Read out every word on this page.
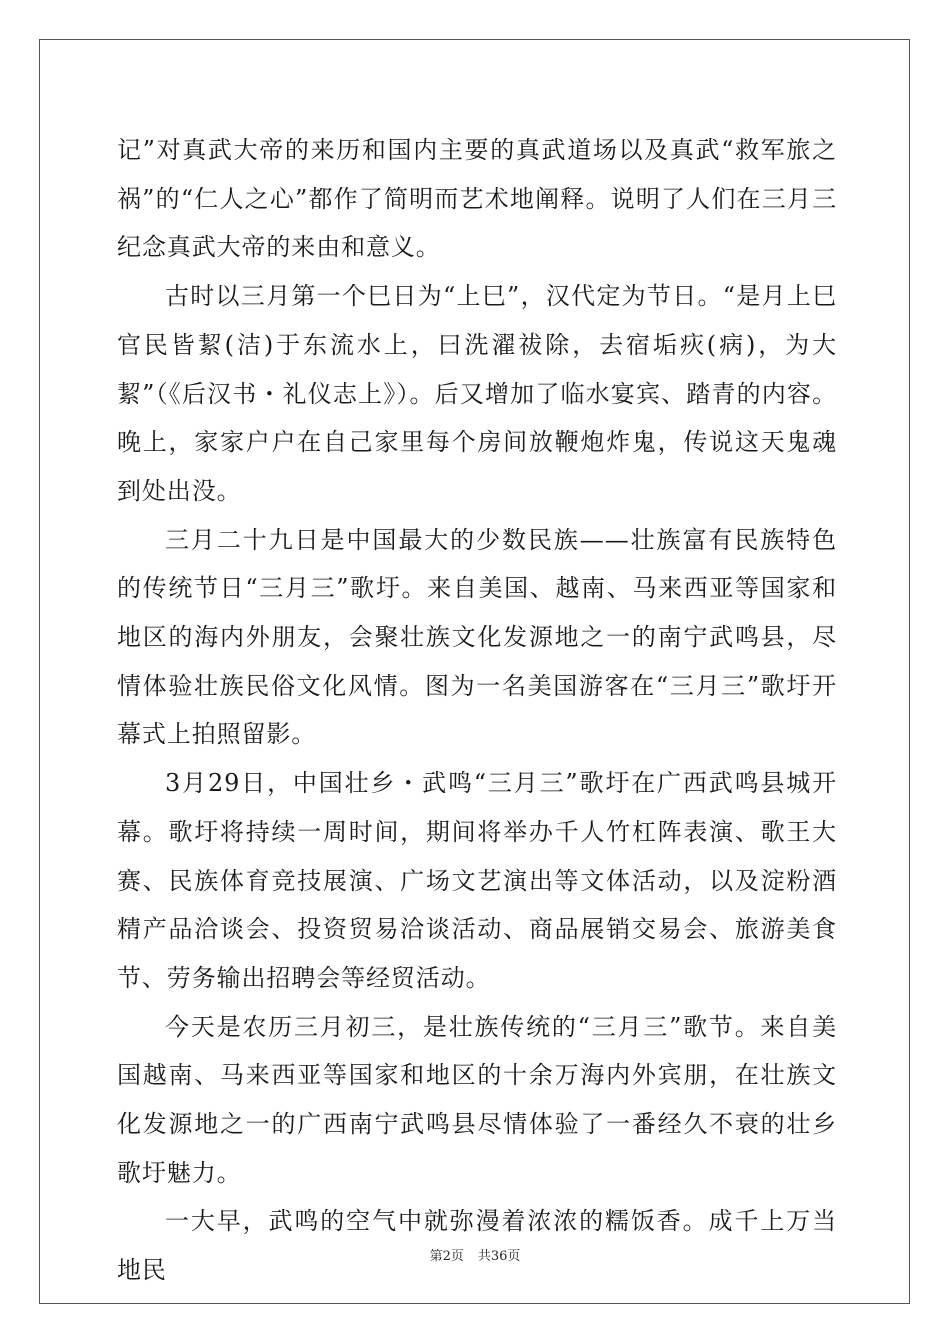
记”对真武大帝的来历和国内主要的真武道场以及真武“救军旅之祸”的“仁人之心”都作了简明而艺术地阐释。说明了人们在三月三纪念真武大帝的来由和意义。

古时以三月第一个巳日为“上巳”，汉代定为节日。“是月上巳官民皆絜(洁)于东流水上，曰洗濯祓除，去宿垢疢(病)，为大絜”（《后汉书・礼仪志上》）。后又增加了临水宴宾、踏青的内容。晚上，家家户户在自己家里每个房间放鞭炮炸鬼，传说这天鬼魂到处出没。

三月二十九日是中国最大的少数民族——壮族富有民族特色的传统节日“三月三”歌圩。来自美国、越南、马来西亚等国家和地区的海内外朋友，会聚壮族文化发源地之一的南宁武鸣县，尽情体验壮族民俗文化风情。图为一名美国游客在“三月三”歌圩开幕式上拍照留影。

3月29日，中国壮乡・武鸣“三月三”歌圩在广西武鸣县城开幕。歌圩将持续一周时间，期间将举办千人竹杠阵表演、歌王大赛、民族体育竞技展演、广场文艺演出等文体活动，以及淀粉酒精产品洽谈会、投资贸易洽谈活动、商品展销交易会、旅游美食节、劳务输出招聘会等经贸活动。

今天是农历三月初三，是壮族传统的“三月三”歌节。来自美国越南、马来西亚等国家和地区的十余万海内外宾朋，在壮族文化发源地之一的广西南宁武鸣县尽情体验了一番经久不衰的壮乡歌圩魅力。

一大早，武鸣的空气中就弥漫着浓浓的糯饭香。成千上万当地民	第2页 共36页
